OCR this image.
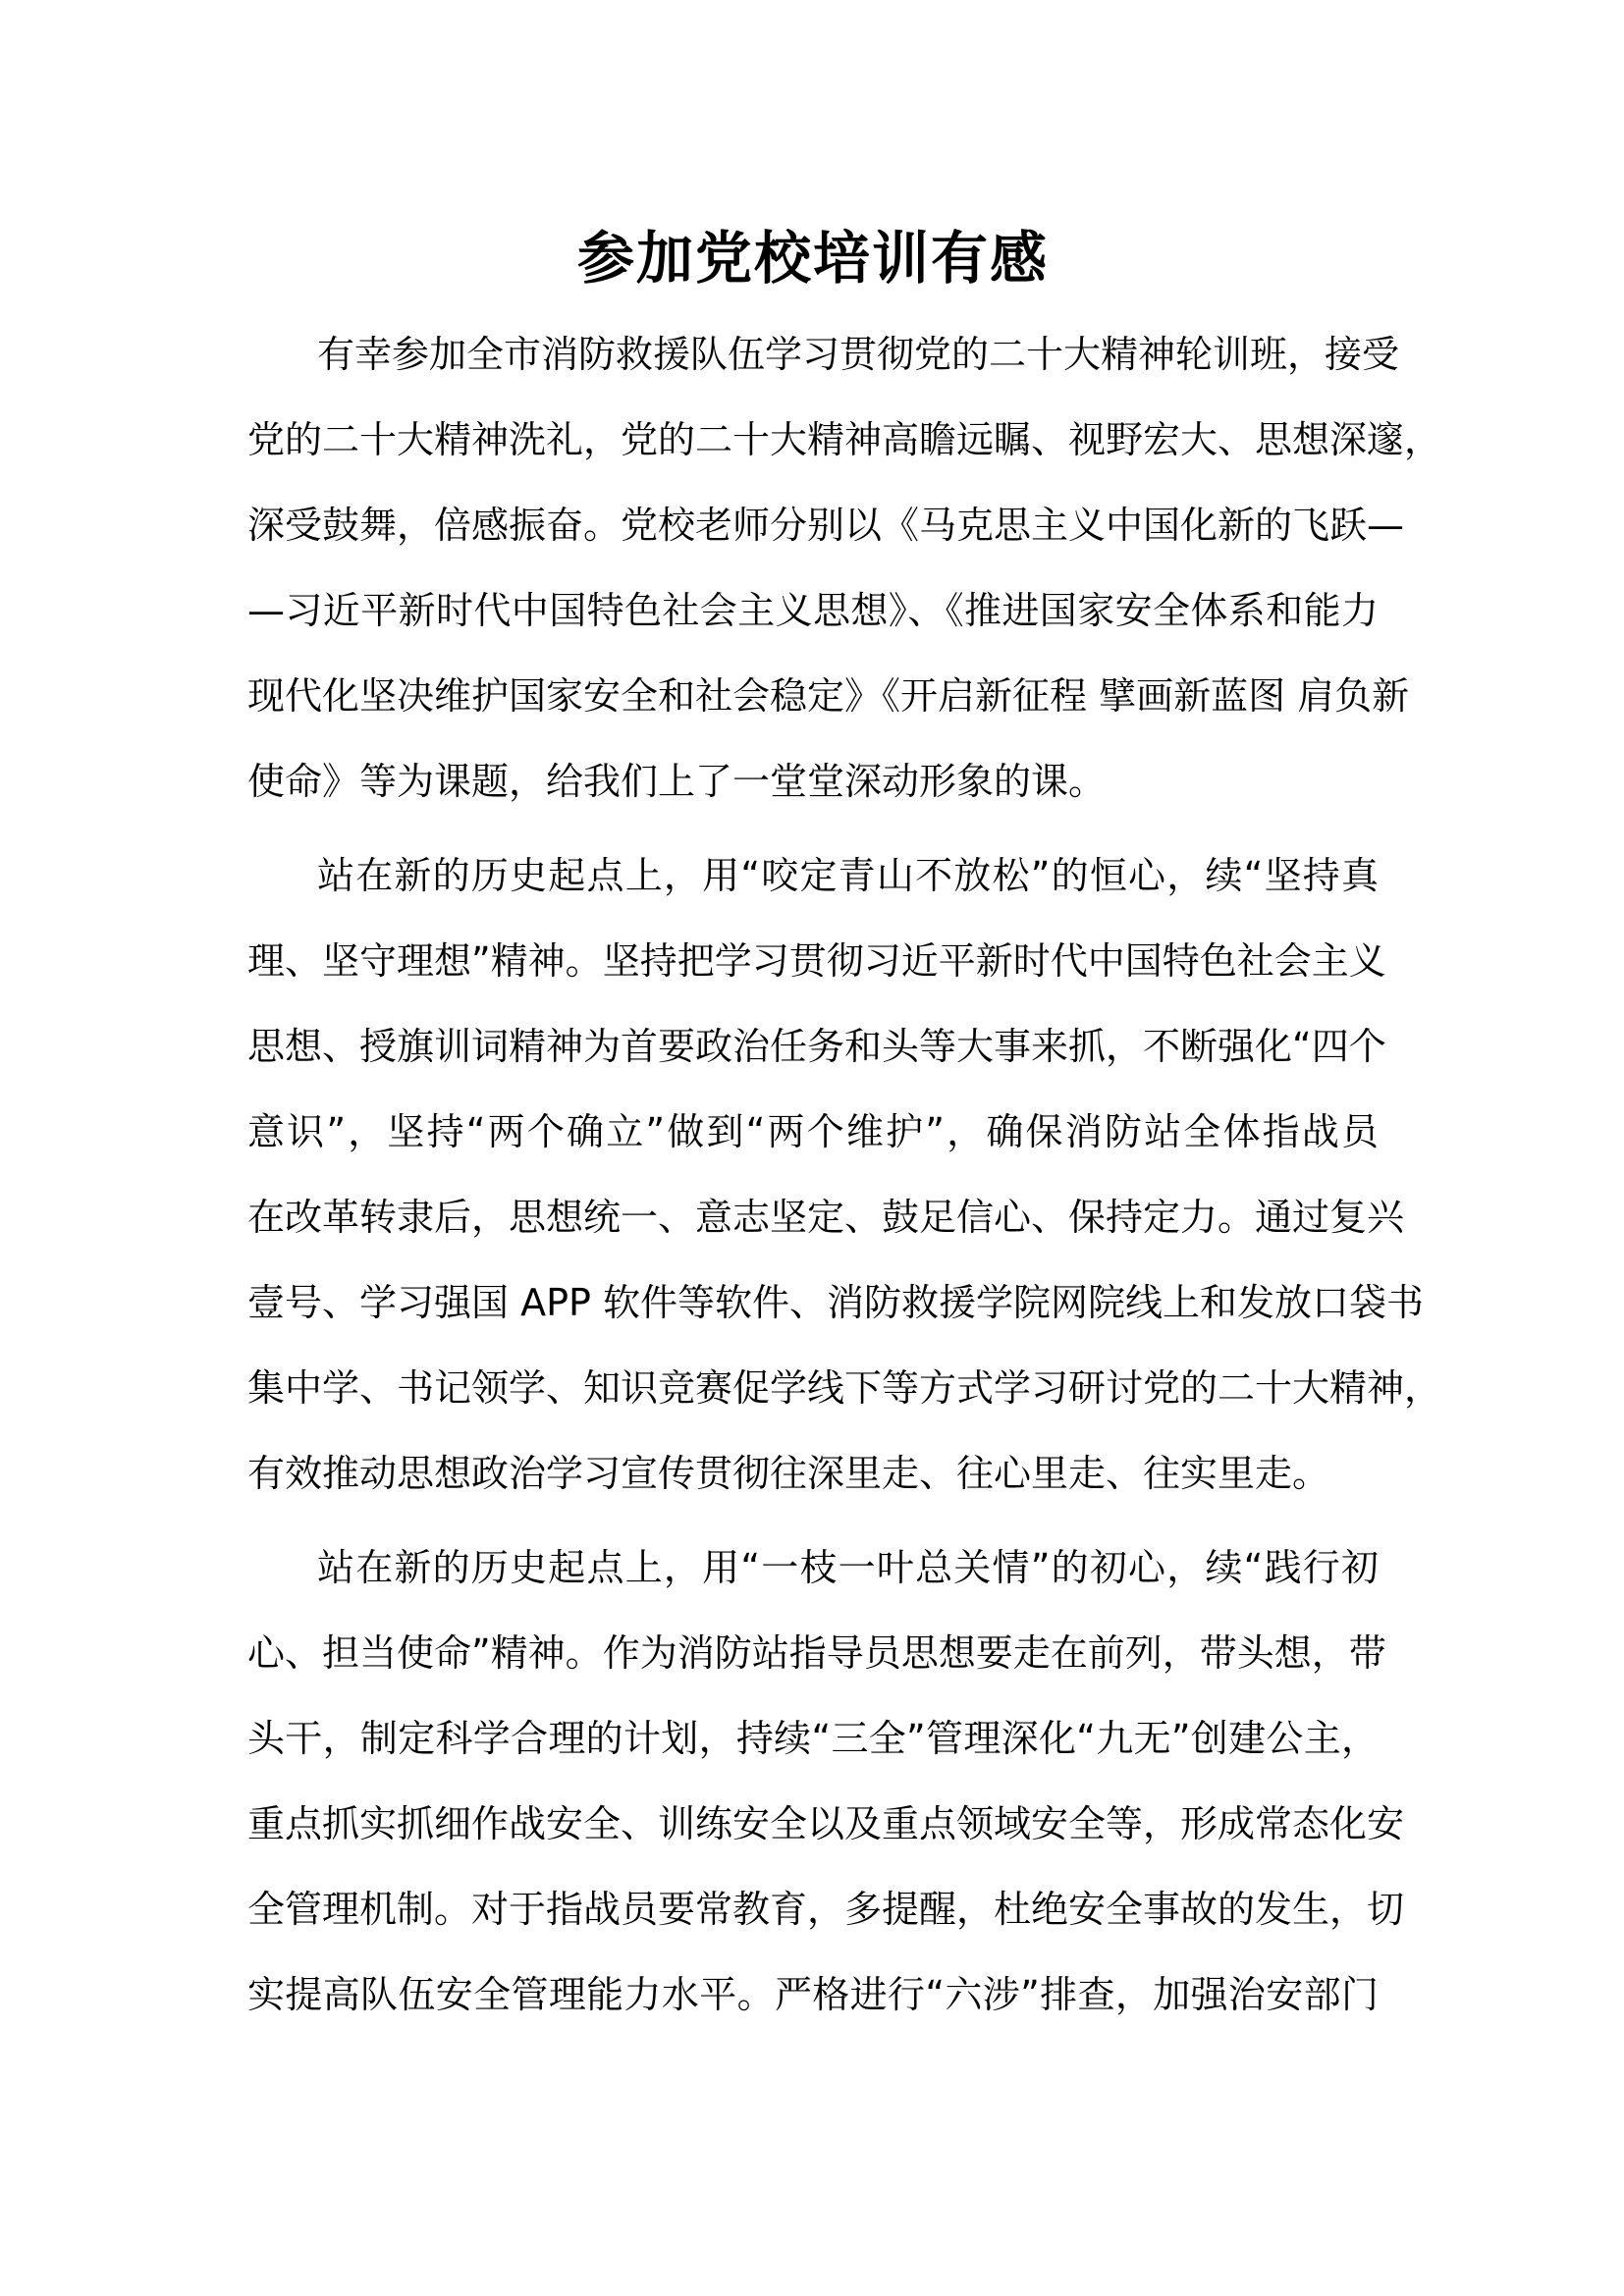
参加党校培训有感
有幸参加全市消防救援队伍学习贯彻党的二十大精神轮训班，接受
党的二十大精神洗礼，党的二十大精神高瞻远瞩、视野宏大、思想深邃，
深受鼓舞，倍感振奋。党校老师分别以《马克思主义中国化新的飞跃—
—习近平新时代中国特色社会主义思想》、《推进国家安全体系和能力
现代化坚决维护国家安全和社会稳定》《开启新征程 擘画新蓝图 肩负新
使命》等为课题，给我们上了一堂堂深动形象的课。
站在新的历史起点上，用“咬定青山不放松”的恒心，续“坚持真
理、坚守理想”精神。坚持把学习贯彻习近平新时代中国特色社会主义
思想、授旗训词精神为首要政治任务和头等大事来抓，不断强化“四个
意识”，坚持“两个确立”做到“两个维护”，确保消防站全体指战员
在改革转隶后，思想统一、意志坚定、鼓足信心、保持定力。通过复兴
壹号、学习强国 APP 软件等软件、消防救援学院网院线上和发放口袋书
集中学、书记领学、知识竞赛促学线下等方式学习研讨党的二十大精神，
有效推动思想政治学习宣传贯彻往深里走、往心里走、往实里走。
站在新的历史起点上，用“一枝一叶总关情”的初心，续“践行初
心、担当使命”精神。作为消防站指导员思想要走在前列，带头想，带
头干，制定科学合理的计划，持续“三全”管理深化“九无”创建公主，
重点抓实抓细作战安全、训练安全以及重点领域安全等，形成常态化安
全管理机制。对于指战员要常教育，多提醒，杜绝安全事故的发生，切
实提高队伍安全管理能力水平。严格进行“六涉”排查，加强治安部门
